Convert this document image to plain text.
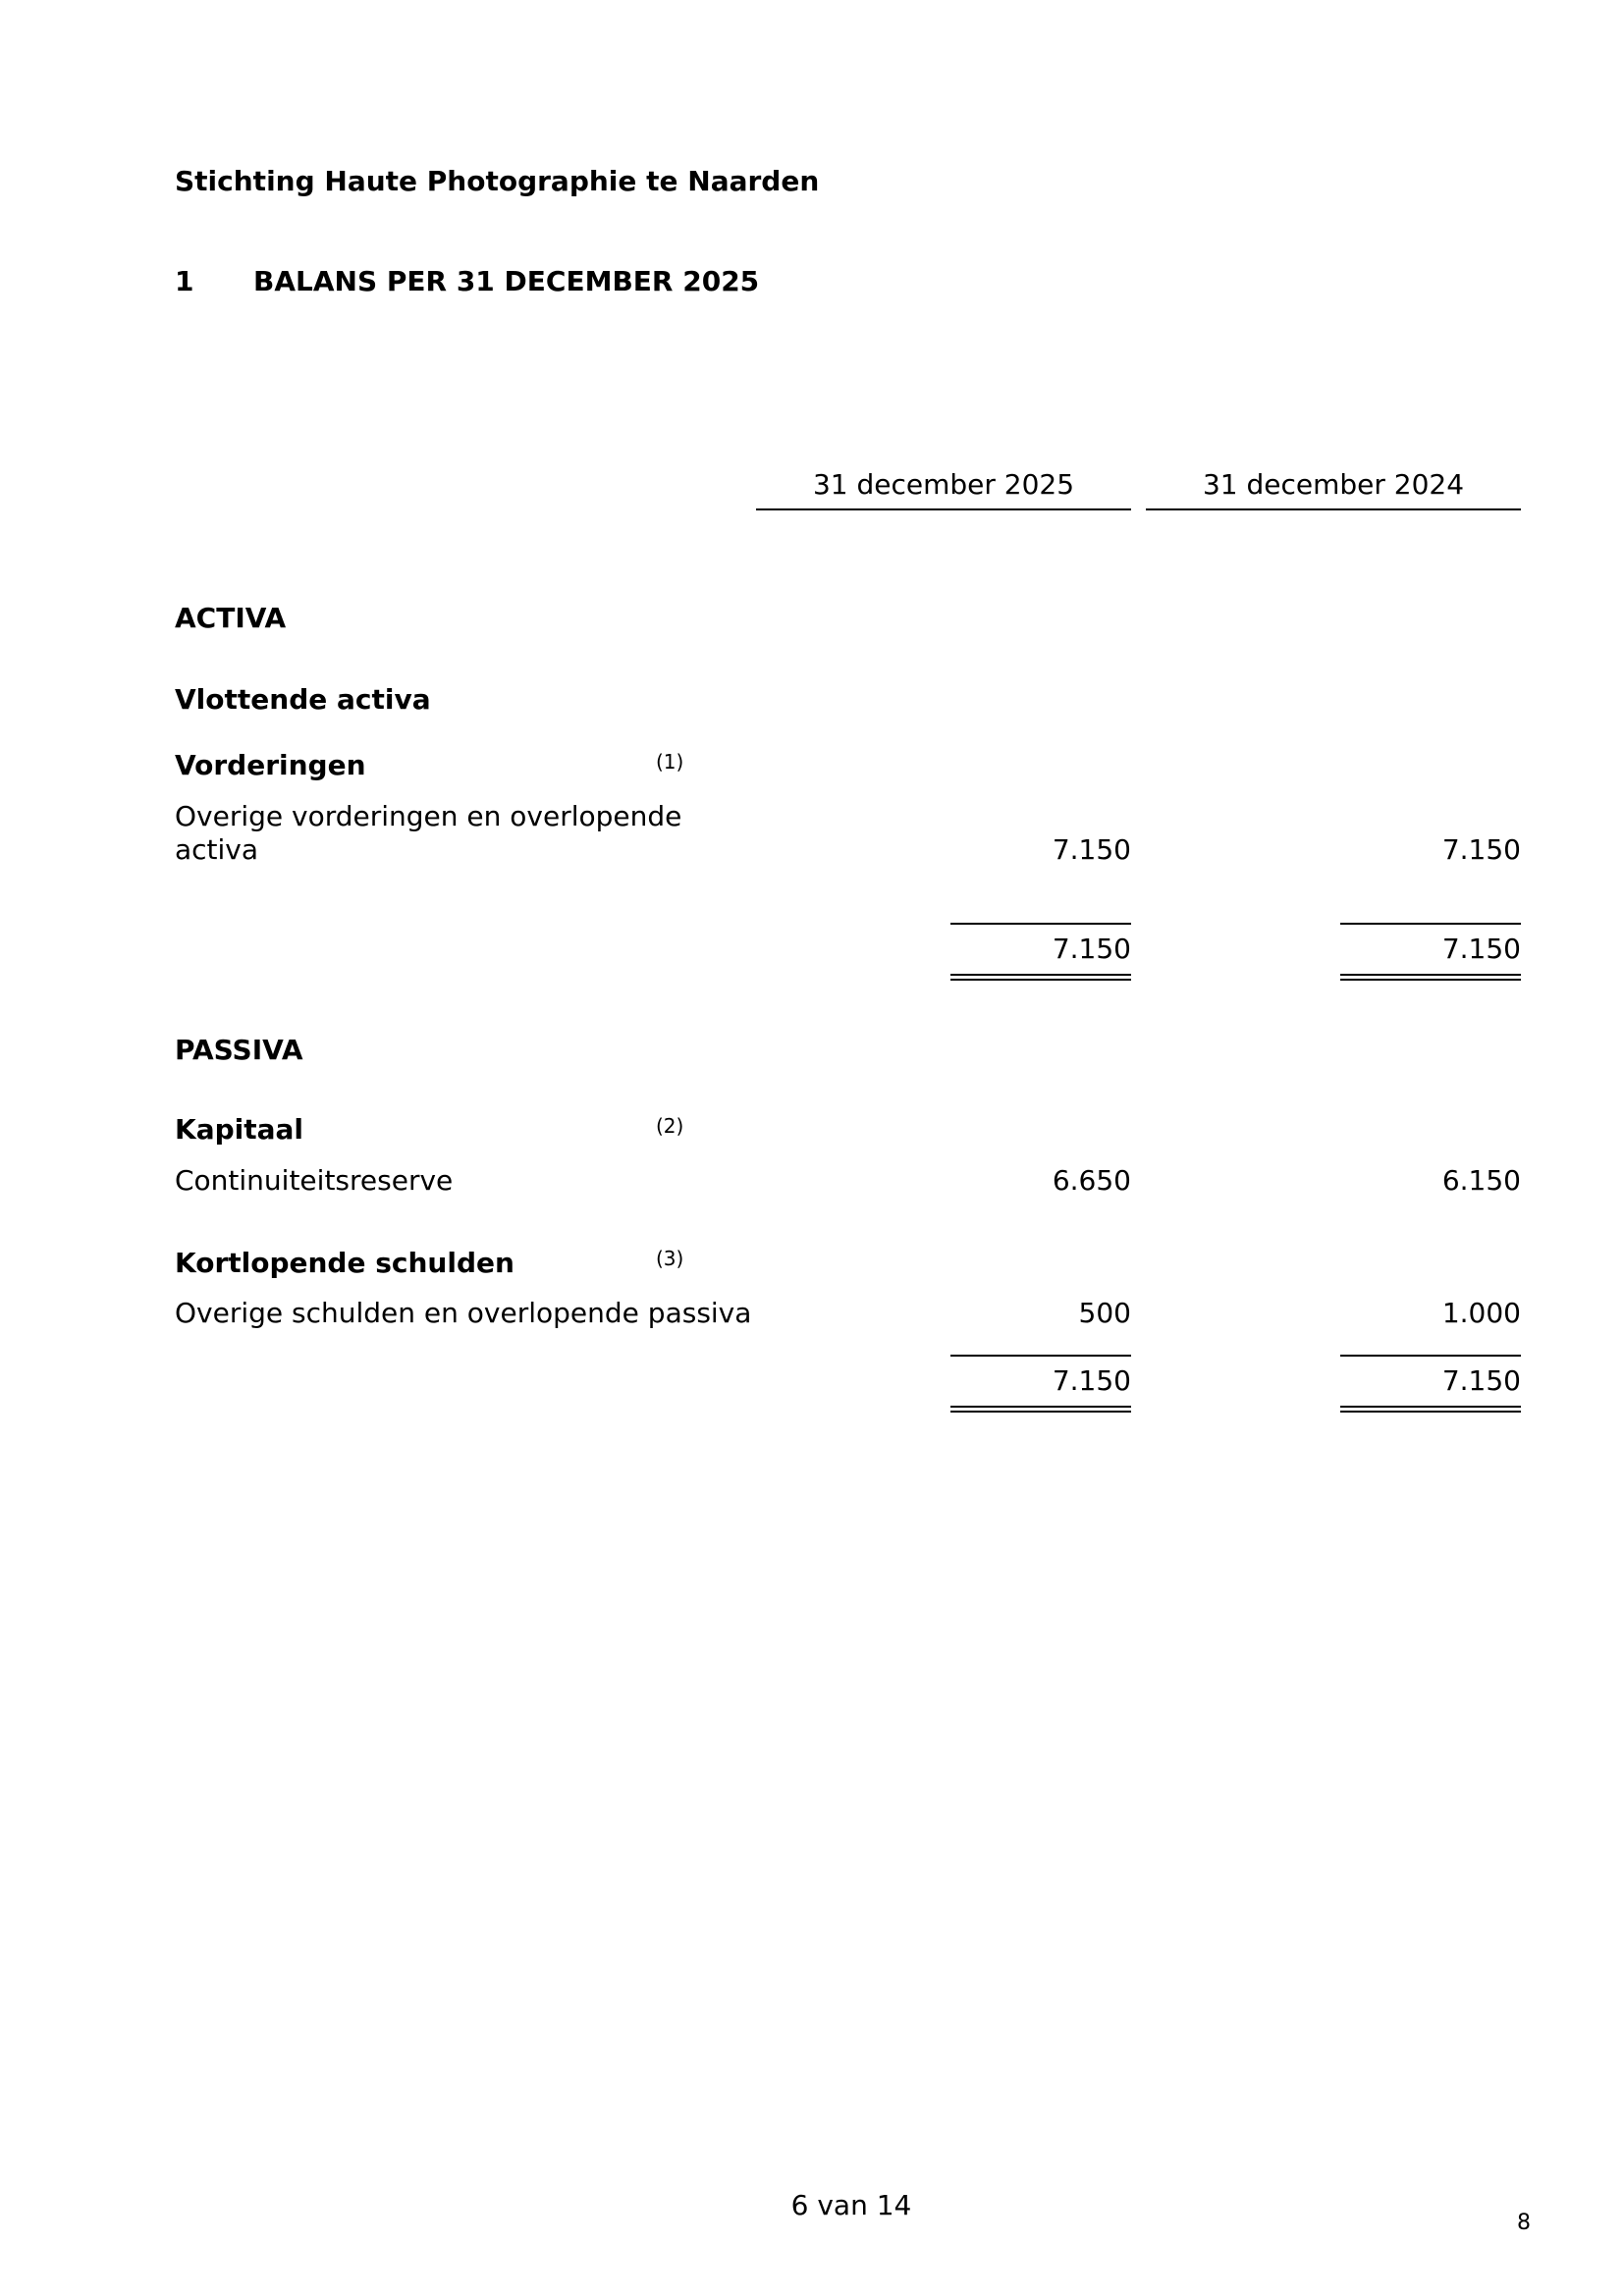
Stichting Haute Photographie te Naarden
1 BALANS PER 31 DECEMBER 2025
31 december 2025	31 december 2024
ACTIVA
Vlottende activa
Vorderingen	(1)
Overige vorderingen en overlopende
activa	7.150	7.150
7.150	7.150
PASSIVA
Kapitaal	(2)
Continuiteitsreserve	6.650	6.150
Kortlopende schulden	(3)
Overige schulden en overlopende passiva	500	1.000
7.150	7.150
6 van 14
8
